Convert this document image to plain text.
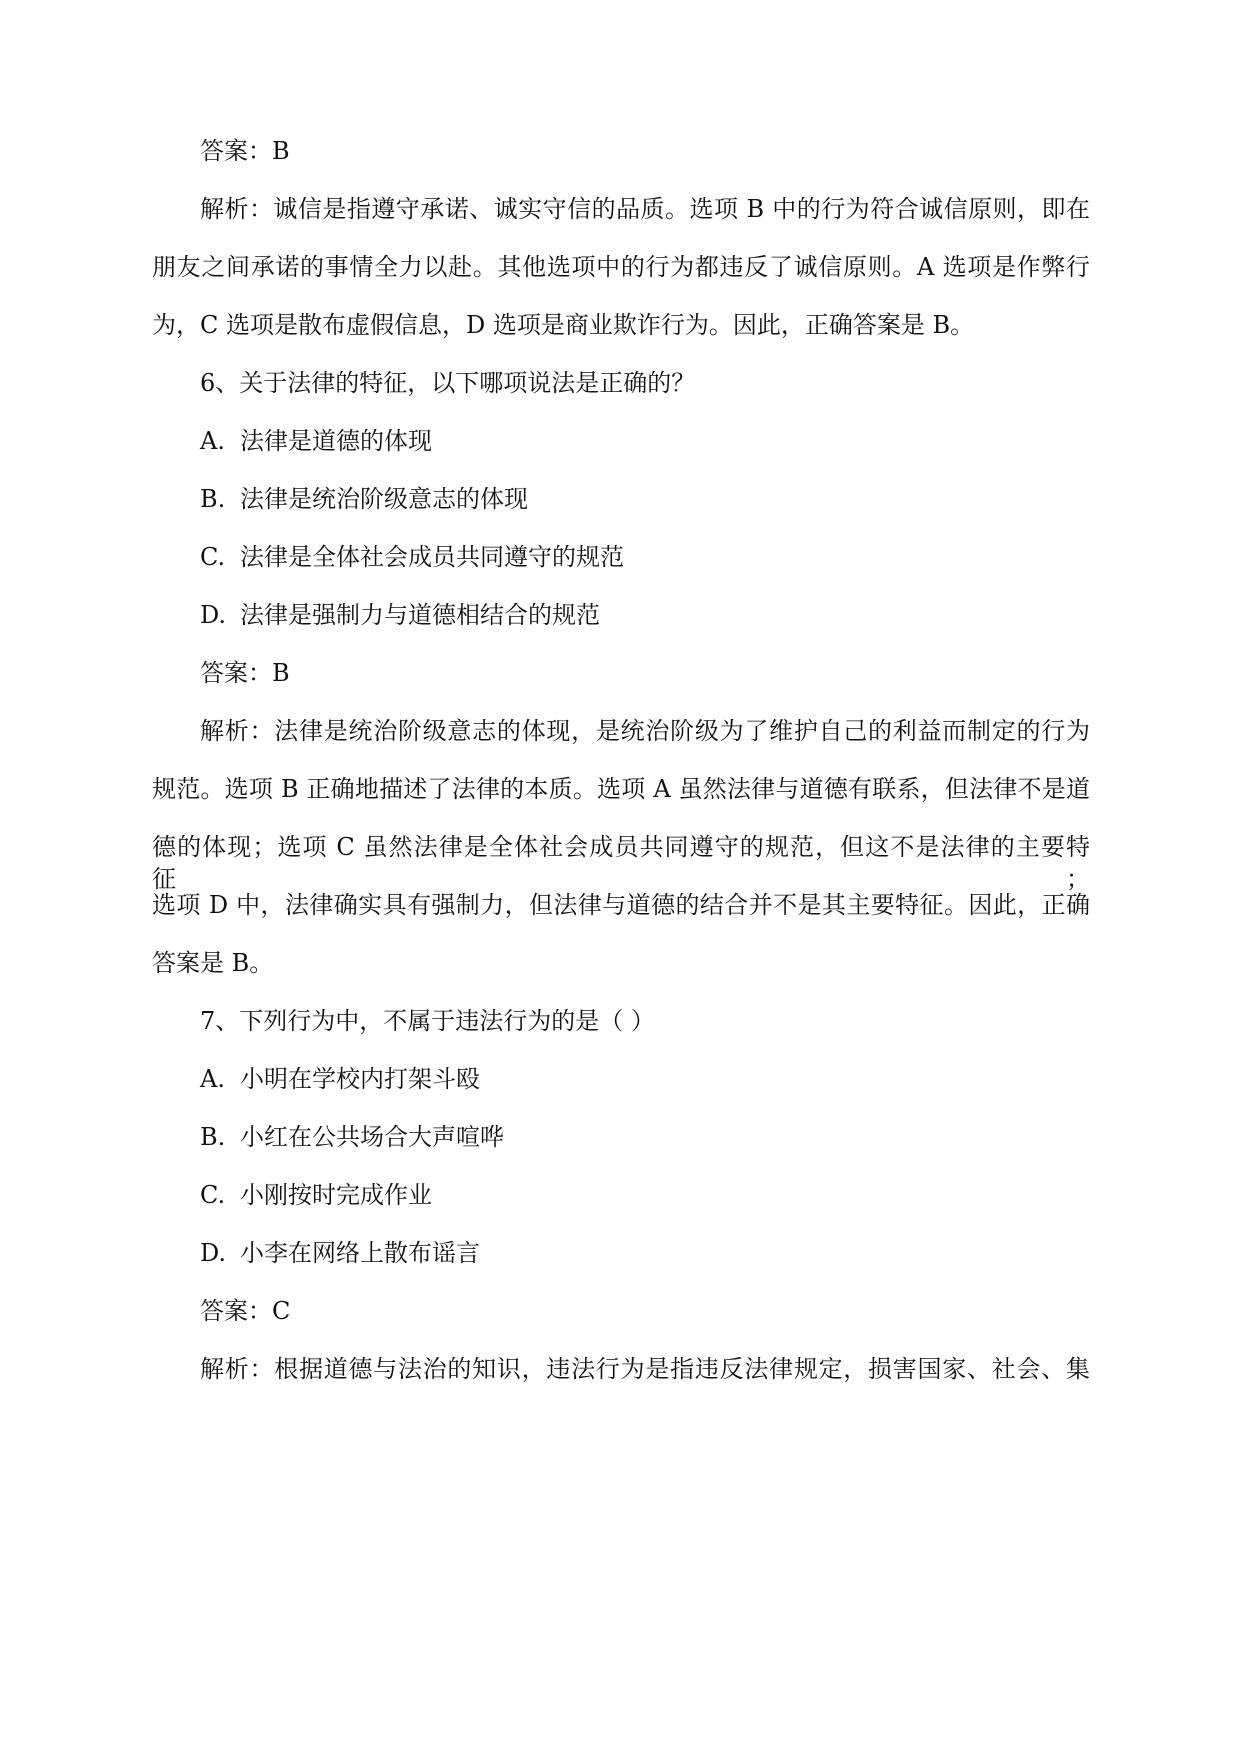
答案：B
解析：诚信是指遵守承诺、诚实守信的品质。选项 B 中的行为符合诚信原则，即在
朋友之间承诺的事情全力以赴。其他选项中的行为都违反了诚信原则。A 选项是作弊行
为，C 选项是散布虚假信息，D 选项是商业欺诈行为。因此，正确答案是 B。
6、关于法律的特征，以下哪项说法是正确的？
A. 法律是道德的体现
B. 法律是统治阶级意志的体现
C. 法律是全体社会成员共同遵守的规范
D. 法律是强制力与道德相结合的规范
答案：B
解析：法律是统治阶级意志的体现，是统治阶级为了维护自己的利益而制定的行为
规范。选项 B 正确地描述了法律的本质。选项 A 虽然法律与道德有联系，但法律不是道
德的体现；选项 C 虽然法律是全体社会成员共同遵守的规范，但这不是法律的主要特征；
选项 D 中，法律确实具有强制力，但法律与道德的结合并不是其主要特征。因此，正确
答案是 B。
7、下列行为中，不属于违法行为的是（ ）
A. 小明在学校内打架斗殴
B. 小红在公共场合大声喧哗
C. 小刚按时完成作业
D. 小李在网络上散布谣言
答案：C
解析：根据道德与法治的知识，违法行为是指违反法律规定，损害国家、社会、集
